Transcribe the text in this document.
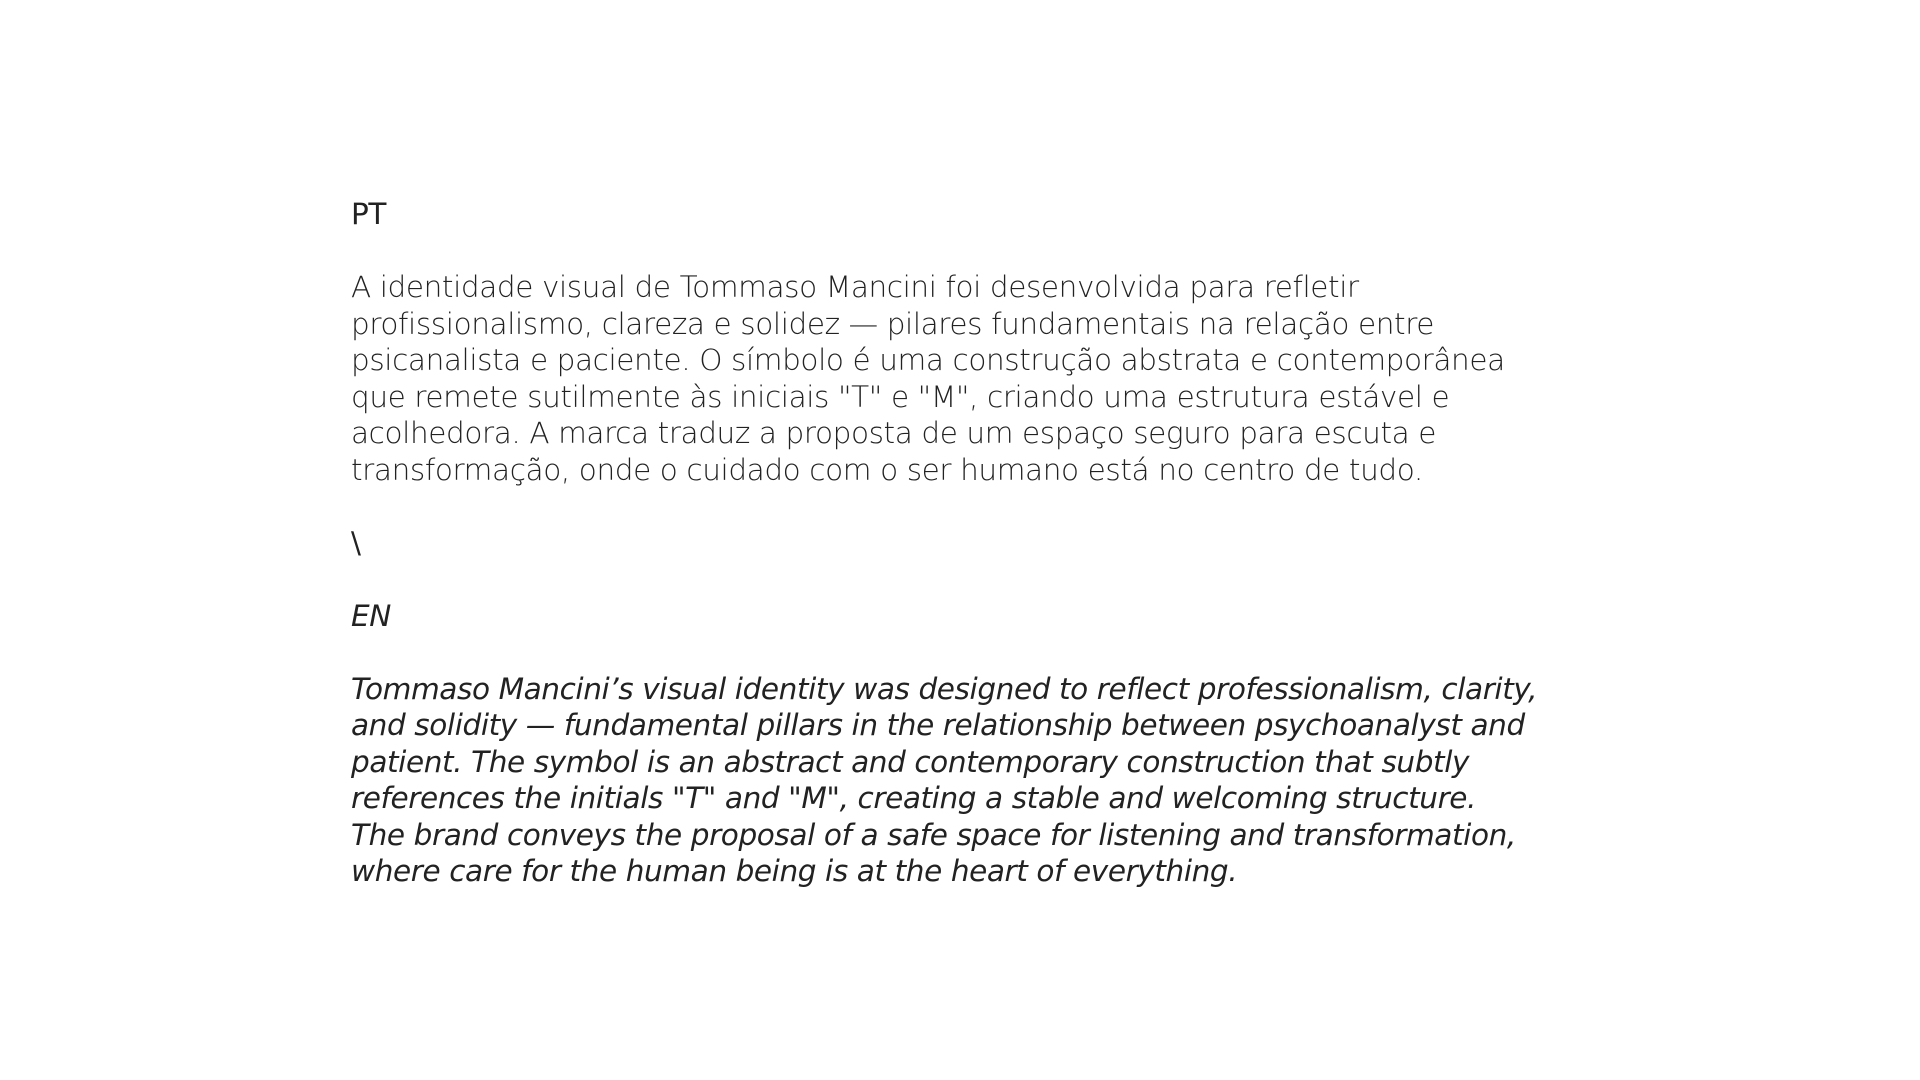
PT

A identidade visual de Tommaso Mancini foi desenvolvida para refletir
profissionalismo, clareza e solidez — pilares fundamentais na relação entre
psicanalista e paciente. O símbolo é uma construção abstrata e contemporânea
que remete sutilmente às iniciais "T" e "M", criando uma estrutura estável e
acolhedora. A marca traduz a proposta de um espaço seguro para escuta e
transformação, onde o cuidado com o ser humano está no centro de tudo.

\

EN

Tommaso Mancini’s visual identity was designed to reflect professionalism, clarity,
and solidity — fundamental pillars in the relationship between psychoanalyst and
patient. The symbol is an abstract and contemporary construction that subtly
references the initials "T" and "M", creating a stable and welcoming structure.
The brand conveys the proposal of a safe space for listening and transformation,
where care for the human being is at the heart of everything.
